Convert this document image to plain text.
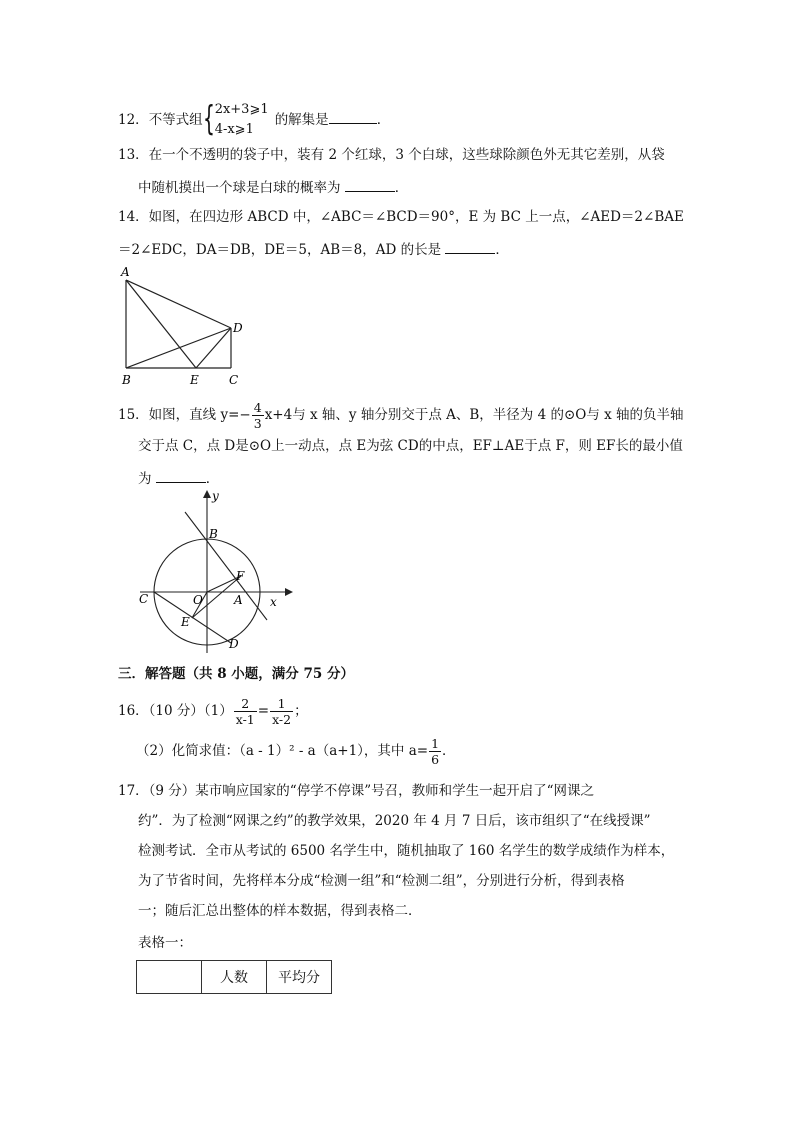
12．不等式组 { 2x+3⩾1
4-x⩾1
的解集是	．
13．在一个不透明的袋子中，装有 2 个红球，3 个白球，这些球除颜色外无其它差别，从袋
中随机摸出一个球是白球的概率为	．
14．如图，在四边形 ABCD 中，∠ABC＝∠BCD＝90°，E 为 BC 上一点，∠AED＝2∠BAE
＝2∠EDC，DA＝DB，DE＝5，AB＝8，AD 的长是	．
A
D
B	E	C
15．如图，直线 $y=- \frac{4}{3} x+4$与 x 轴、y 轴分别交于点 A、B，半径为 4 的⊙O与 x 轴的负半轴
交于点 C，点 D是⊙O上一动点，点 E为弦 CD的中点，EF⊥AE于点 F，则 EF长的最小值
为	．
y
B
F
C	O	A x
E
D
三．解答题（共 8 小题，满分 75 分）
16．（10 分）$(1) \frac{2}{x-1} = \frac{1}{x-2}$ ；
（2）化简求值：（a - 1）² - a（a+1），其中 $a= \frac{1}{6}$ ．
17．（9 分）某市响应国家的“停学不停课”号召，教师和学生一起开启了“网课之
约”．为了检测“网课之约”的教学效果，2020 年 4 月 7 日后，该市组织了“在线授课”
检测考试．全市从考试的 6500 名学生中，随机抽取了 160 名学生的数学成绩作为样本，
为了节省时间，先将样本分成“检测一组”和“检测二组”，分别进行分析，得到表格
一；随后汇总出整体的样本数据，得到表格二．
表格一：
	人数	平均分
